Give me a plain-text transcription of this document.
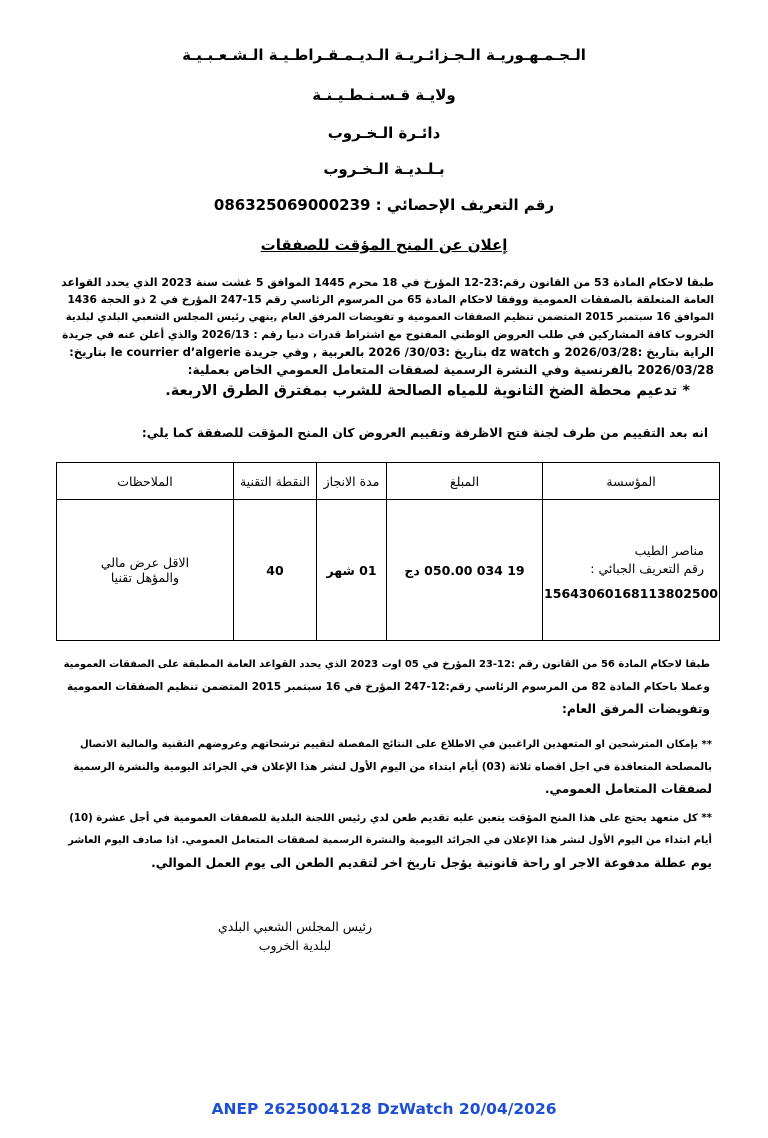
الـجـمـهـوريـة الـجـزائـريـة الـديـمـقـراطـيـة الـشـعـبـيـة
ولايـة قـسـنـطـيـنـة
دائـرة الـخـروب
بـلـديـة الـخـروب
رقم التعريف الإحصائي : 086325069000239
إعلان عن المنح المؤقت للصفقات
طبقا لاحكام المادة 53 من القانون رقم:23-12 المؤرخ في 18 محرم 1445 الموافق 5 غشت سنة 2023 الذي يحدد القواعد
العامة المتعلقة بالصفقات العمومية ووفقا لاحكام المادة 65 من المرسوم الرئاسي رقم 15-247 المؤرخ في 2 ذو الحجة 1436
الموافق 16 سبتمبر 2015 المتضمن تنظيم الصفقات العمومية و تفويضات المرفق العام ,ينهي رئيس المجلس الشعبي البلدي لبلدية
الخروب كافة المشاركين في طلب العروض الوطني المفتوح مع اشتراط قدرات دنيا رقم : 2026/13 والذي أعلن عنه في جريدة
الراية بتاريخ :2026/03/28 و dz watch بتاريخ :30/03/ 2026 بالعربية , وفي جريدة le courrier d’algerie بتاريخ:
2026/03/28 بالفرنسية وفي النشرة الرسمية لصفقات المتعامل العمومي الخاص بعملية:
* تدعيم محطة الضخ الثانوية للمياه الصالحة للشرب بمفترق الطرق الاربعة.
انه بعد التقييم من طرف لجنة فتح الاظرفة وتقييم العروض كان المنح المؤقت للصفقة كما يلي:
المؤسسة	المبلغ	مدة الانجاز	النقطة التقنية	الملاحظات

مناصر الطيب
رقم التعريف الجبائي :
15643060168113802500	19 034 050.00 دج	01 شهر	40	الاقل عرض مالي
والمؤهل تقنيا
طبقا لاحكام المادة 56 من القانون رقم :12-23 المؤرخ في 05 اوت 2023 الذي يحدد القواعد العامة المطبقة على الصفقات العمومية
وعملا باحكام المادة 82 من المرسوم الرئاسي رقم:12-247 المؤرخ في 16 سبتمبر 2015 المتضمن تنظيم الصفقات العمومية
وتفويضات المرفق العام:
** بإمكان المترشحين او المتعهدين الراغبين في الاطلاع على النتائج المفصلة لتقييم ترشحاتهم وعروضهم التقنية والمالية الاتصال
بالمصلحة المتعاقدة في اجل اقصاه ثلاثة (03) أيام ابتداء من اليوم الأول لنشر هذا الإعلان في الجرائد اليومية والنشرة الرسمية
لصفقات المتعامل العمومي.
** كل متعهد يحتج على هذا المنح المؤقت يتعين عليه تقديم طعن لدي رئيس اللجنة البلدية للصفقات العمومية في أجل عشرة (10)
أيام ابتداء من اليوم الأول لنشر هذا الإعلان في الجرائد اليومية والنشرة الرسمية لصفقات المتعامل العمومي. اذا صادف اليوم العاشر
يوم عطلة مدفوعة الاجر او راحة قانونية يؤجل تاريخ اخر لتقديم الطعن الى يوم العمل الموالي.
رئيس المجلس الشعبي البلدي
لبلدية الخروب
ANEP 2625004128 DzWatch 20/04/2026
